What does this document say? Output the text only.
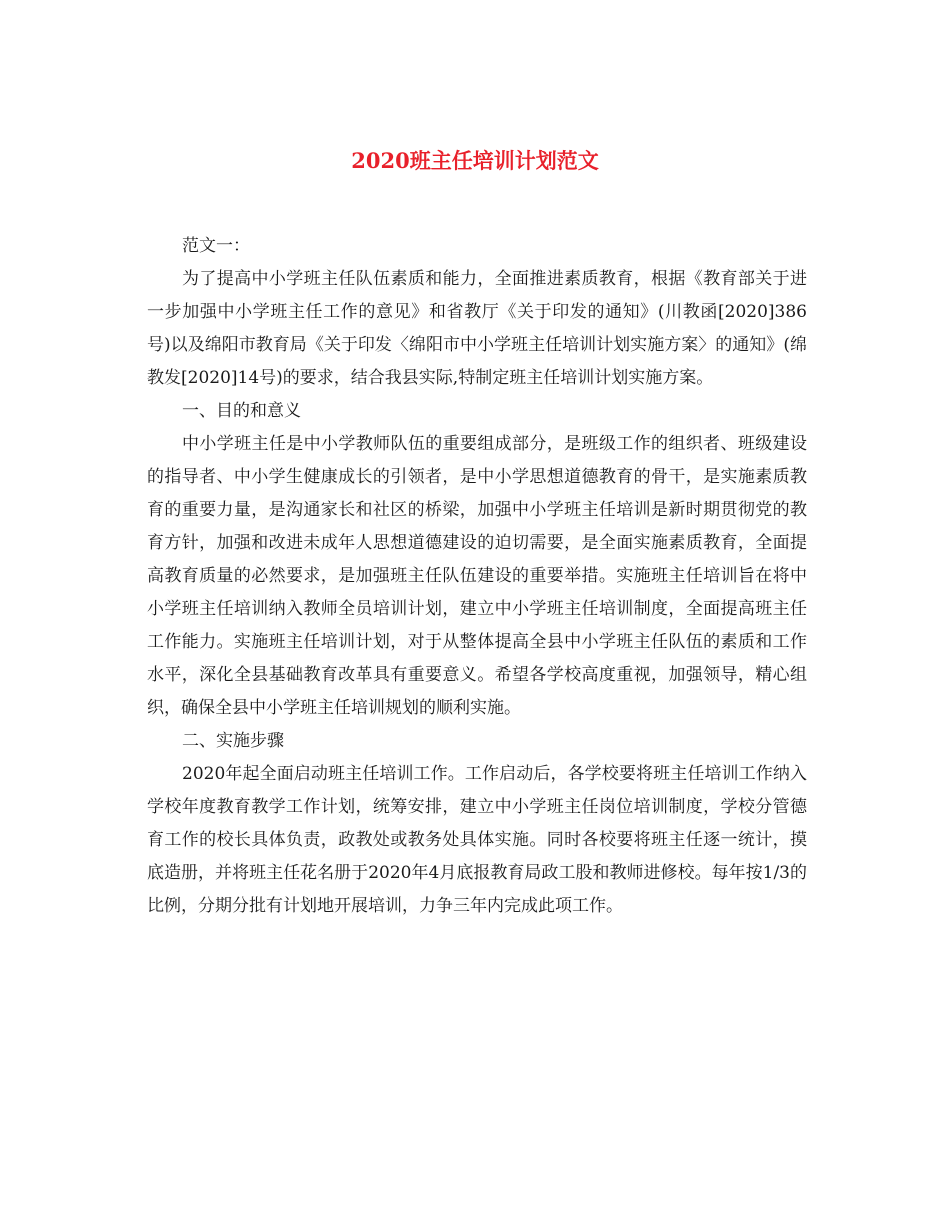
2020班主任培训计划范文

范文一：

为了提高中小学班主任队伍素质和能力，全面推进素质教育，根据《教育部关于进一步加强中小学班主任工作的意见》和省教厅《关于印发的通知》(川教函[2020]386号)以及绵阳市教育局《关于印发〈绵阳市中小学班主任培训计划实施方案〉的通知》(绵教发[2020]14号)的要求，结合我县实际,特制定班主任培训计划实施方案。

一、目的和意义

中小学班主任是中小学教师队伍的重要组成部分，是班级工作的组织者、班级建设的指导者、中小学生健康成长的引领者，是中小学思想道德教育的骨干，是实施素质教育的重要力量，是沟通家长和社区的桥梁，加强中小学班主任培训是新时期贯彻党的教育方针，加强和改进未成年人思想道德建设的迫切需要，是全面实施素质教育，全面提高教育质量的必然要求，是加强班主任队伍建设的重要举措。实施班主任培训旨在将中小学班主任培训纳入教师全员培训计划，建立中小学班主任培训制度，全面提高班主任工作能力。实施班主任培训计划，对于从整体提高全县中小学班主任队伍的素质和工作水平，深化全县基础教育改革具有重要意义。希望各学校高度重视，加强领导，精心组织，确保全县中小学班主任培训规划的顺利实施。

二、实施步骤

2020年起全面启动班主任培训工作。工作启动后，各学校要将班主任培训工作纳入学校年度教育教学工作计划，统筹安排，建立中小学班主任岗位培训制度，学校分管德育工作的校长具体负责，政教处或教务处具体实施。同时各校要将班主任逐一统计，摸底造册，并将班主任花名册于2020年4月底报教育局政工股和教师进修校。每年按1/3的比例，分期分批有计划地开展培训，力争三年内完成此项工作。
